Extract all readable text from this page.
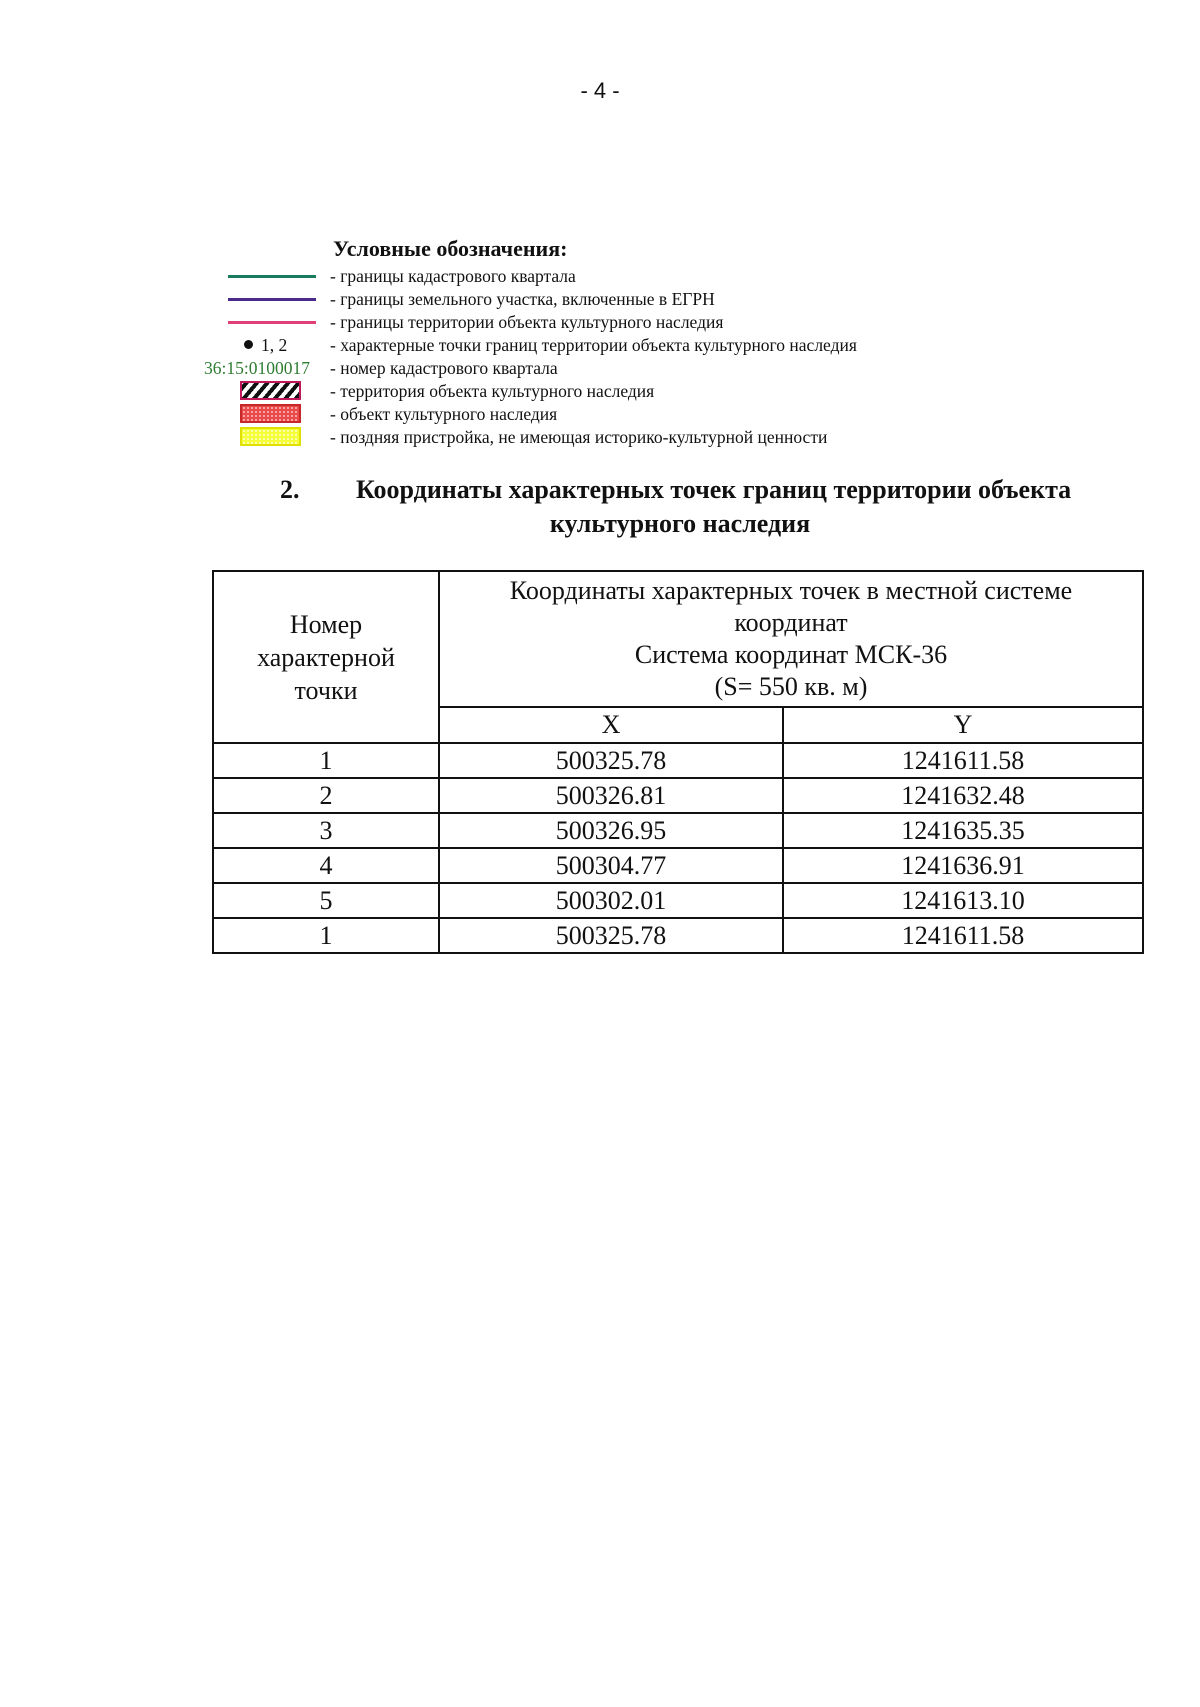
- 4 -
Условные обозначения:
- границы кадастрового квартала
- границы земельного участка, включенные в ЕГРН
- границы территории объекта культурного наследия
1, 2 - характерные точки границ территории объекта культурного наследия
36:15:0100017 - номер кадастрового квартала
- территория объекта культурного наследия
- объект культурного наследия
- поздняя пристройка, не имеющая историко-культурной ценности
2. Координаты характерных точек границ территории объекта
культурного наследия
Номер
характерной
точки	Координаты характерных точек в местной системе
координат
Система координат МСК-36
(S= 550 кв. м)	

	X	Y
1	500325.78	1241611.58
2	500326.81	1241632.48
3	500326.95	1241635.35
4	500304.77	1241636.91
5	500302.01	1241613.10
1	500325.78	1241611.58
